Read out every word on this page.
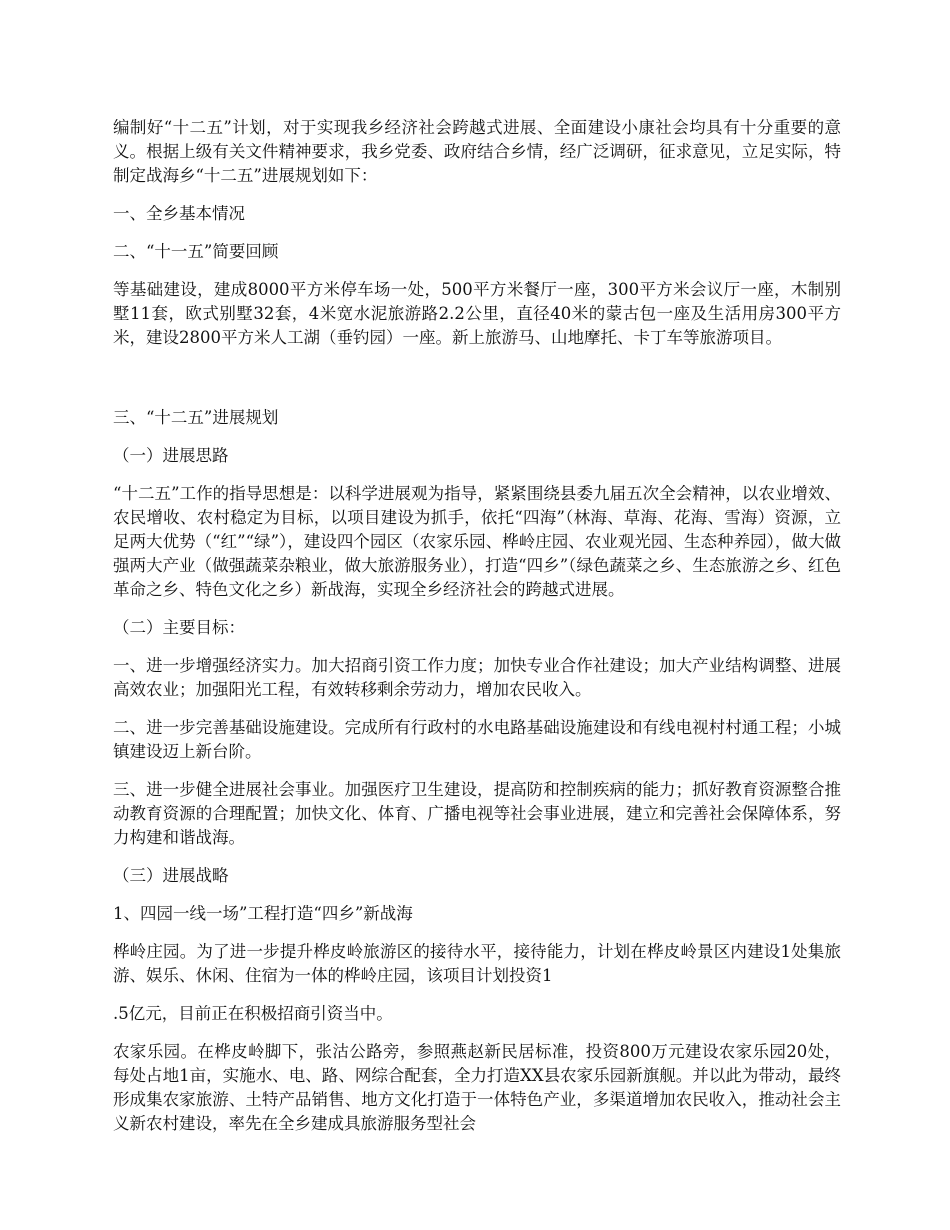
编制好“十二五”计划，对于实现我乡经济社会跨越式进展、全面建设小康社会均具有十分重要的意义。根据上级有关文件精神要求，我乡党委、政府结合乡情，经广泛调研，征求意见，立足实际，特制定战海乡“十二五”进展规划如下：

一、全乡基本情况

二、“十一五”简要回顾

等基础建设，建成8000平方米停车场一处，500平方米餐厅一座，300平方米会议厅一座，木制别墅11套，欧式别墅32套，4米宽水泥旅游路2.2公里，直径40米的蒙古包一座及生活用房300平方米，建设2800平方米人工湖（垂钓园）一座。新上旅游马、山地摩托、卡丁车等旅游项目。

三、“十二五”进展规划

（一）进展思路

“十二五”工作的指导思想是：以科学进展观为指导，紧紧围绕县委九届五次全会精神，以农业增效、农民增收、农村稳定为目标，以项目建设为抓手，依托“四海”（林海、草海、花海、雪海）资源，立足两大优势（“红”“绿”），建设四个园区（农家乐园、桦岭庄园、农业观光园、生态种养园），做大做强两大产业（做强蔬菜杂粮业，做大旅游服务业），打造“四乡”（绿色蔬菜之乡、生态旅游之乡、红色革命之乡、特色文化之乡）新战海，实现全乡经济社会的跨越式进展。

（二）主要目标：

一、进一步增强经济实力。加大招商引资工作力度；加快专业合作社建设；加大产业结构调整、进展高效农业；加强阳光工程，有效转移剩余劳动力，增加农民收入。

二、进一步完善基础设施建设。完成所有行政村的水电路基础设施建设和有线电视村村通工程；小城镇建设迈上新台阶。

三、进一步健全进展社会事业。加强医疗卫生建设，提高防和控制疾病的能力；抓好教育资源整合推动教育资源的合理配置；加快文化、体育、广播电视等社会事业进展，建立和完善社会保障体系，努力构建和谐战海。

（三）进展战略

1、四园一线一场”工程打造“四乡”新战海

桦岭庄园。为了进一步提升桦皮岭旅游区的接待水平，接待能力，计划在桦皮岭景区内建设1处集旅游、娱乐、休闲、住宿为一体的桦岭庄园，该项目计划投资1

.5亿元，目前正在积极招商引资当中。

农家乐园。在桦皮岭脚下，张沽公路旁，参照燕赵新民居标准，投资800万元建设农家乐园20处，每处占地1亩，实施水、电、路、网综合配套，全力打造XX县农家乐园新旗舰。并以此为带动，最终形成集农家旅游、土特产品销售、地方文化打造于一体特色产业，多渠道增加农民收入，推动社会主义新农村建设，率先在全乡建成具旅游服务型社会
